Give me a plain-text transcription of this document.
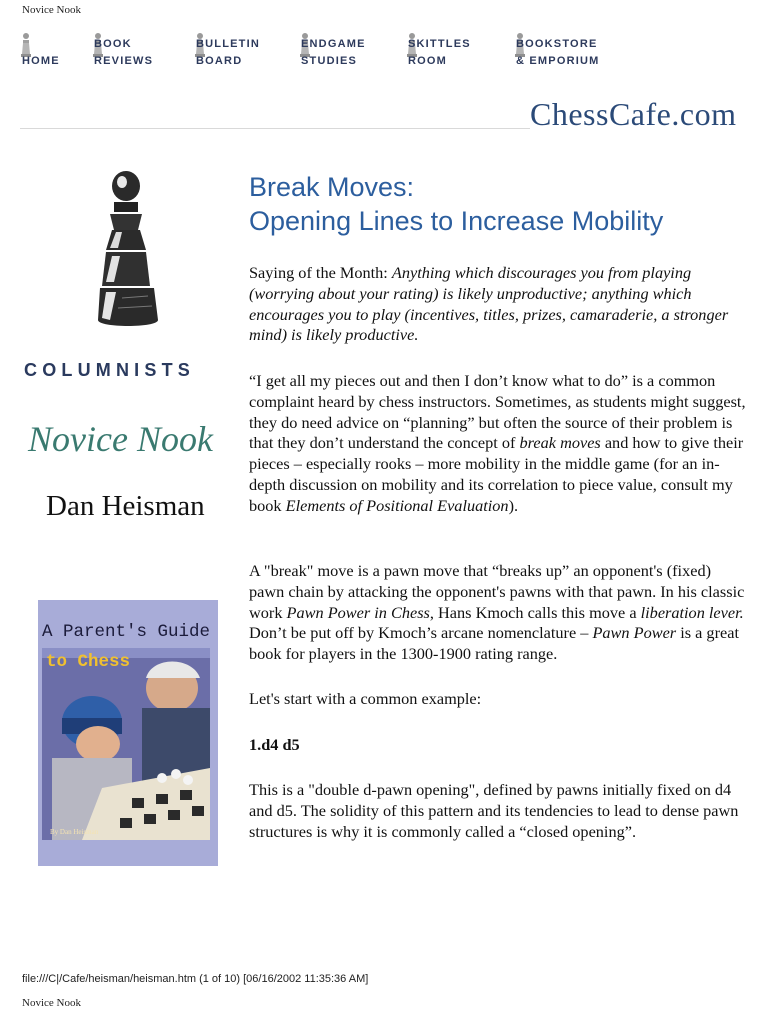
Novice Nook

HOME
BOOK
REVIEWS
BULLETIN
BOARD
ENDGAME
STUDIES
SKITTLES
ROOM
BOOKSTORE
& EMPORIUM
ChessCafe.com
COLUMNISTS
Novice Nook
Dan Heisman
A Parent's Guide
to Chess
By Dan Heisman
Break Moves:
Opening Lines to Increase Mobility

Saying of the Month: Anything which discourages you from playing (worrying about your rating) is likely unproductive; anything which encourages you to play (incentives, titles, prizes, camaraderie, a stronger mind) is likely productive.

“I get all my pieces out and then I don’t know what to do” is a common complaint heard by chess instructors. Sometimes, as students might suggest, they do need advice on “planning” but often the source of their problem is that they don’t understand the concept of break moves and how to give their pieces – especially rooks – more mobility in the middle game (for an in-depth discussion on mobility and its correlation to piece value, consult my book Elements of Positional Evaluation).

A "break" move is a pawn move that “breaks up” an opponent's (fixed) pawn chain by attacking the opponent's pawns with that pawn. In his classic work Pawn Power in Chess, Hans Kmoch calls this move a liberation lever. Don’t be put off by Kmoch’s arcane nomenclature – Pawn Power is a great book for players in the 1300-1900 rating range.

Let's start with a common example:

1.d4 d5

This is a "double d-pawn opening", defined by pawns initially fixed on d4 and d5. The solidity of this pattern and its tendencies to lead to dense pawn structures is why it is commonly called a “closed opening”.

file:///C|/Cafe/heisman/heisman.htm (1 of 10) [06/16/2002 11:35:36 AM]
Novice Nook
